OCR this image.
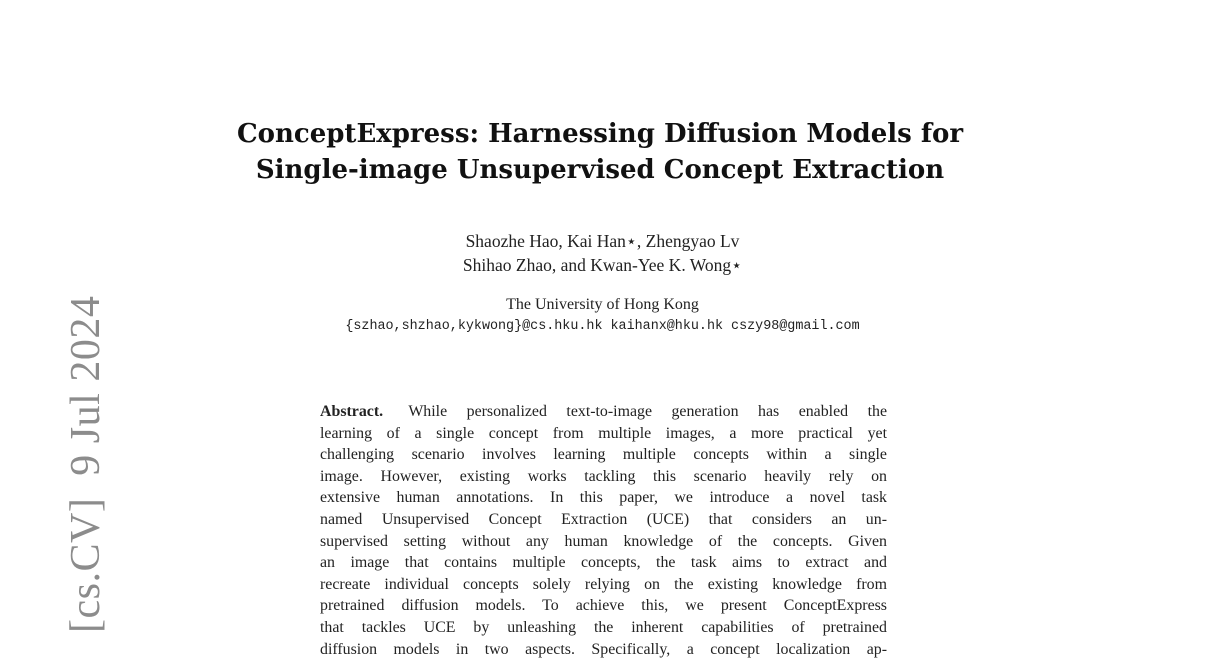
ConceptExpress: Harnessing Diffusion Models for
Single-image Unsupervised Concept Extraction
Shaozhe Hao, Kai Han⋆, Zhengyao Lv
Shihao Zhao, and Kwan-Yee K. Wong⋆
The University of Hong Kong
{szhao,shzhao,kykwong}@cs.hku.hk kaihanx@hku.hk cszy98@gmail.com
Abstract. While personalized text-to-image generation has enabled the
learning of a single concept from multiple images, a more practical yet
challenging scenario involves learning multiple concepts within a single
image. However, existing works tackling this scenario heavily rely on
extensive human annotations. In this paper, we introduce a novel task
named Unsupervised Concept Extraction (UCE) that considers an un-
supervised setting without any human knowledge of the concepts. Given
an image that contains multiple concepts, the task aims to extract and
recreate individual concepts solely relying on the existing knowledge from
pretrained diffusion models. To achieve this, we present ConceptExpress
that tackles UCE by unleashing the inherent capabilities of pretrained
diffusion models in two aspects. Specifically, a concept localization ap-
[cs.CV]9 Jul 2024
